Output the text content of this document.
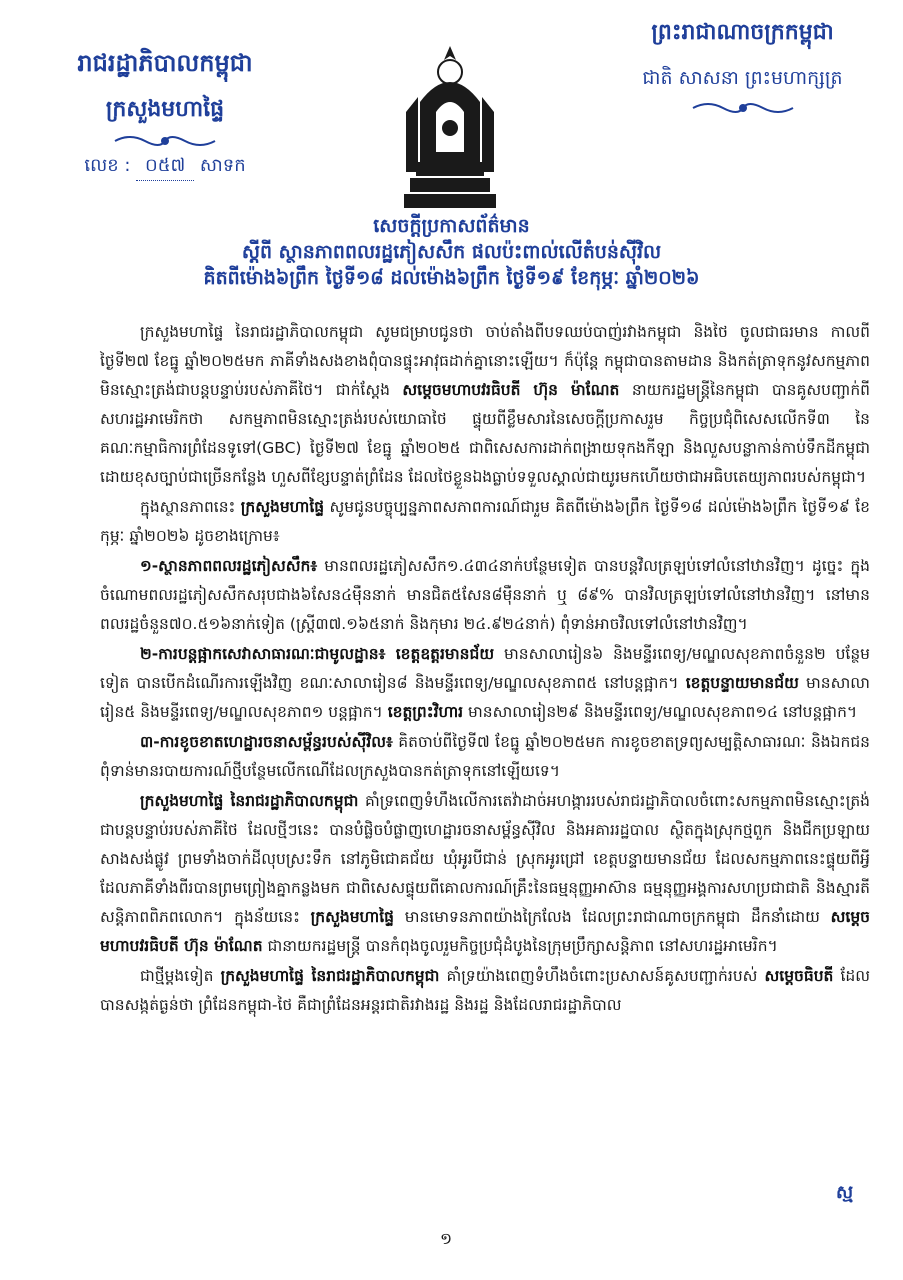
រាជរដ្ឋាភិបាលកម្ពុជា
ក្រសួងមហាផ្ទៃ
លេខ : ០៥៧ សាទក
ព្រះរាជាណាចក្រកម្ពុជា
ជាតិ សាសនា ព្រះមហាក្សត្រ
សេចក្ដីប្រកាសព័ត៌មាន
ស្ដីពី ស្ថានភាពពលរដ្ឋភៀសសឹក ផលប៉ះពាល់លើតំបន់ស៊ីវិល
គិតពីម៉ោង៦ព្រឹក ថ្ងៃទី១៨ ដល់ម៉ោង៦ព្រឹក ថ្ងៃទី១៩ ខែកុម្ភៈ ឆ្នាំ២០២៦

ក្រសួងមហាផ្ទៃ នៃរាជរដ្ឋាភិបាលកម្ពុជា សូមជម្រាបជូនថា ចាប់តាំងពីបទឈប់បាញ់រវាងកម្ពុជា និងថៃ ចូលជាធរមាន កាលពីថ្ងៃទី២៧ ខែធ្នូ ឆ្នាំ២០២៥មក ភាគីទាំងសងខាងពុំបានផ្ទុះអាវុធដាក់គ្នានោះឡើយ។ ក៏ប៉ុន្តែ កម្ពុជាបានតាមដាន និងកត់ត្រាទុកនូវសកម្មភាពមិនស្មោះត្រង់ជាបន្តបន្ទាប់របស់ភាគីថៃ។ ជាក់ស្ដែង សម្ដេចមហាបវរធិបតី ហ៊ុន ម៉ាណែត នាយករដ្ឋមន្ត្រីនៃកម្ពុជា បានគូសបញ្ជាក់ពីសហរដ្ឋអាមេរិកថា សកម្មភាពមិនស្មោះត្រង់របស់យោធាថៃ ផ្ទុយពីខ្លឹមសារនៃសេចក្ដីប្រកាសរួម កិច្ចប្រជុំពិសេសលើកទី៣ នៃគណៈកម្មាធិការព្រំដែនទូទៅ(GBC) ថ្ងៃទី២៧ ខែធ្នូ ឆ្នាំ២០២៥ ជាពិសេសការដាក់ពង្រាយទុកងកីឡា និងលួសបន្លាកាន់កាប់ទឹកដីកម្ពុជាដោយខុសច្បាប់ជាច្រើនកន្លែង ហួសពីខ្សែបន្ទាត់ព្រំដែន ដែលថៃខ្លួនឯងធ្លាប់ទទួលស្គាល់ជាយូរមកហើយថាជាអធិបតេយ្យភាពរបស់កម្ពុជា។

ក្នុងស្ថានភាពនេះ ក្រសួងមហាផ្ទៃ សូមជូនបច្ចុប្បន្នភាពសភាពការណ៍ជារួម គិតពីម៉ោង៦ព្រឹក ថ្ងៃទី១៨ ដល់ម៉ោង៦ព្រឹក ថ្ងៃទី១៩ ខែកុម្ភៈ ឆ្នាំ២០២៦ ដូចខាងក្រោម៖

១-ស្ថានភាពពលរដ្ឋភៀសសឹក៖ មានពលរដ្ឋភៀសសឹក១.៤៣៤នាក់បន្ថែមទៀត បានបន្តវិលត្រឡប់ទៅលំនៅឋានវិញ។ ដូច្នេះ ក្នុងចំណោមពលរដ្ឋភៀសសឹកសរុបជាង៦សែន៤ម៉ឺននាក់ មានជិត៥សែន៨ម៉ឺននាក់ ឬ ៨៩% បានវិលត្រឡប់ទៅលំនៅឋានវិញ។ នៅមានពលរដ្ឋចំនួន៧០.៥១៦នាក់ទៀត (ស្ត្រី៣៧.១៦៥នាក់ និងកុមារ ២៤.៩២៤នាក់) ពុំទាន់អាចវិលទៅលំនៅឋានវិញ។

២-ការបន្ដផ្អាកសេវាសាធារណៈជាមូលដ្ឋាន៖ ខេត្តឧត្តរមានជ័យ មានសាលារៀន៦ និងមន្ទីរពេទ្យ/មណ្ឌលសុខភាពចំនួន២ បន្ថែមទៀត បានបើកដំណើរការឡើងវិញ ខណៈសាលារៀន៨ និងមន្ទីរពេទ្យ/មណ្ឌលសុខភាព៥ នៅបន្តផ្អាក។ ខេត្តបន្ទាយមានជ័យ មានសាលារៀន៥ និងមន្ទីរពេទ្យ/មណ្ឌលសុខភាព១ បន្តផ្អាក។ ខេត្តព្រះវិហារ មានសាលារៀន២៩ និងមន្ទីរពេទ្យ/មណ្ឌលសុខភាព១៤ នៅបន្តផ្អាក។

៣-ការខូចខាតហេដ្ឋារចនាសម្ព័ន្ធរបស់ស៊ីវិល៖ គិតចាប់ពីថ្ងៃទី៧ ខែធ្នូ ឆ្នាំ២០២៥មក ការខូចខាតទ្រព្យសម្បត្តិសាធារណៈ និងឯកជន ពុំទាន់មានរបាយការណ៍ថ្មីបន្ថែមលើកណើដែលក្រសួងបានកត់ត្រាទុកនៅឡើយទេ។

ក្រសួងមហាផ្ទៃ នៃរាជរដ្ឋាភិបាលកម្ពុជា គាំទ្រពេញទំហឹងលើការតេវ៉ាដាច់អហង្ការរបស់រាជរដ្ឋាភិបាលចំពោះសកម្មភាពមិនស្មោះត្រង់ជាបន្តបន្ទាប់របស់ភាគីថៃ ដែលថ្មីៗនេះ បានបំផ្លិចបំផ្លាញហេដ្ឋារចនាសម្ព័ន្ធស៊ីវិល និងអគាររដ្ឋបាល ស្ថិតក្នុងស្រុកថ្មពួក និងជីកប្រឡាយ សាងសង់ផ្លូវ ព្រមទាំងចាក់ដីលុបស្រះទឹក នៅភូមិជោគជ័យ ឃុំអូរបីជាន់ ស្រុកអូរជ្រៅ ខេត្តបន្ទាយមានជ័យ ដែលសកម្មភាពនេះផ្ទុយពីអ្វីដែលភាគីទាំងពីរបានព្រមព្រៀងគ្នាកន្លងមក ជាពិសេសផ្ទុយពីគោលការណ៍គ្រឹះនៃធម្មនុញ្ញអាស៊ាន ធម្មនុញ្ញអង្គការសហប្រជាជាតិ និងស្មារតីសន្តិភាពពិភពលោក។ ក្នុងន័យនេះ ក្រសួងមហាផ្ទៃ មានមោទនភាពយ៉ាងក្រៃលែង ដែលព្រះរាជាណាចក្រកម្ពុជា ដឹកនាំដោយ សម្ដេចមហាបវរធិបតី ហ៊ុន ម៉ាណែត ជានាយករដ្ឋមន្ត្រី បានកំពុងចូលរួមកិច្ចប្រជុំដំបូងនៃក្រុមប្រឹក្សាសន្តិភាព នៅសហរដ្ឋអាមេរិក។

ជាថ្មីម្ដងទៀត ក្រសួងមហាផ្ទៃ នៃរាជរដ្ឋាភិបាលកម្ពុជា គាំទ្រយ៉ាងពេញទំហឹងចំពោះប្រសាសន៍គូសបញ្ជាក់របស់ សម្ដេចធិបតី ដែលបានសង្កត់ធ្ងន់ថា ព្រំដែនកម្ពុជា-ថៃ គឺជាព្រំដែនអន្តរជាតិរវាងរដ្ឋ និងរដ្ឋ និងដែលរាជរដ្ឋាភិបាល

១
ស្ម
